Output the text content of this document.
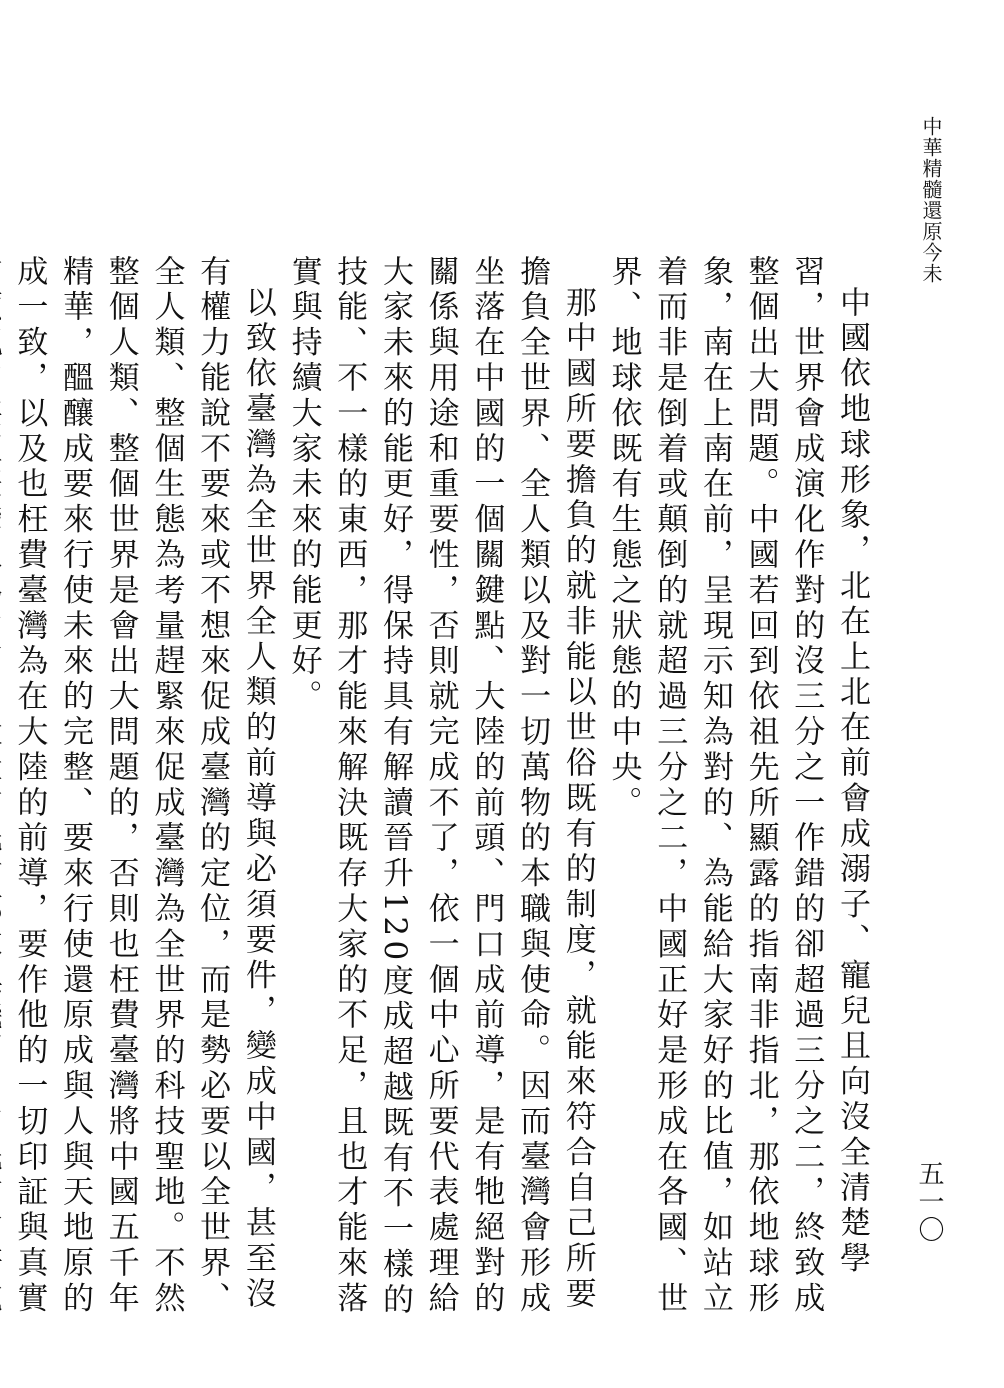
中華精髓還原今未
五一〇

中國依地球形象，北在上北在前會成溺子、寵兒且向沒全清楚學習，世界會成演化作對的沒三分之一作錯的卻超過三分之二，終致成整個出大問題。中國若回到依祖先所顯露的指南非指北，那依地球形象，南在上南在前，呈現示知為對的、為能給大家好的比值，如站立着而非是倒着或顛倒的就超過三分之二，中國正好是形成在各國、世界、地球依既有生態之狀態的中央。

那中國所要擔負的就非能以世俗既有的制度，就能來符合自己所要擔負全世界、全人類以及對一切萬物的本職與使命。因而臺灣會形成坐落在中國的一個關鍵點、大陸的前頭、門口成前導，是有牠絕對的關係與用途和重要性，否則就完成不了，依一個中心所要代表處理給大家未來的能更好，得保持具有解讀晉升120度成超越既有不一樣的技能、不一樣的東西，那才能來解決既存大家的不足，且也才能來落實與持續大家未來的能更好。

以致依臺灣為全世界全人類的前導與必須要件，變成中國，甚至沒有權力能說不要來或不想來促成臺灣的定位，而是勢必要以全世界、全人類、整個生態為考量趕緊來促成臺灣為全世界的科技聖地。不然整個人類、整個世界是會出大問題的，否則也枉費臺灣將中國五千年精華，醞釀成要來行使未來的完整、要來行使還原成與人與天地原的成一致，以及也枉費臺灣為在大陸的前導，要作他的一切印証與真實
